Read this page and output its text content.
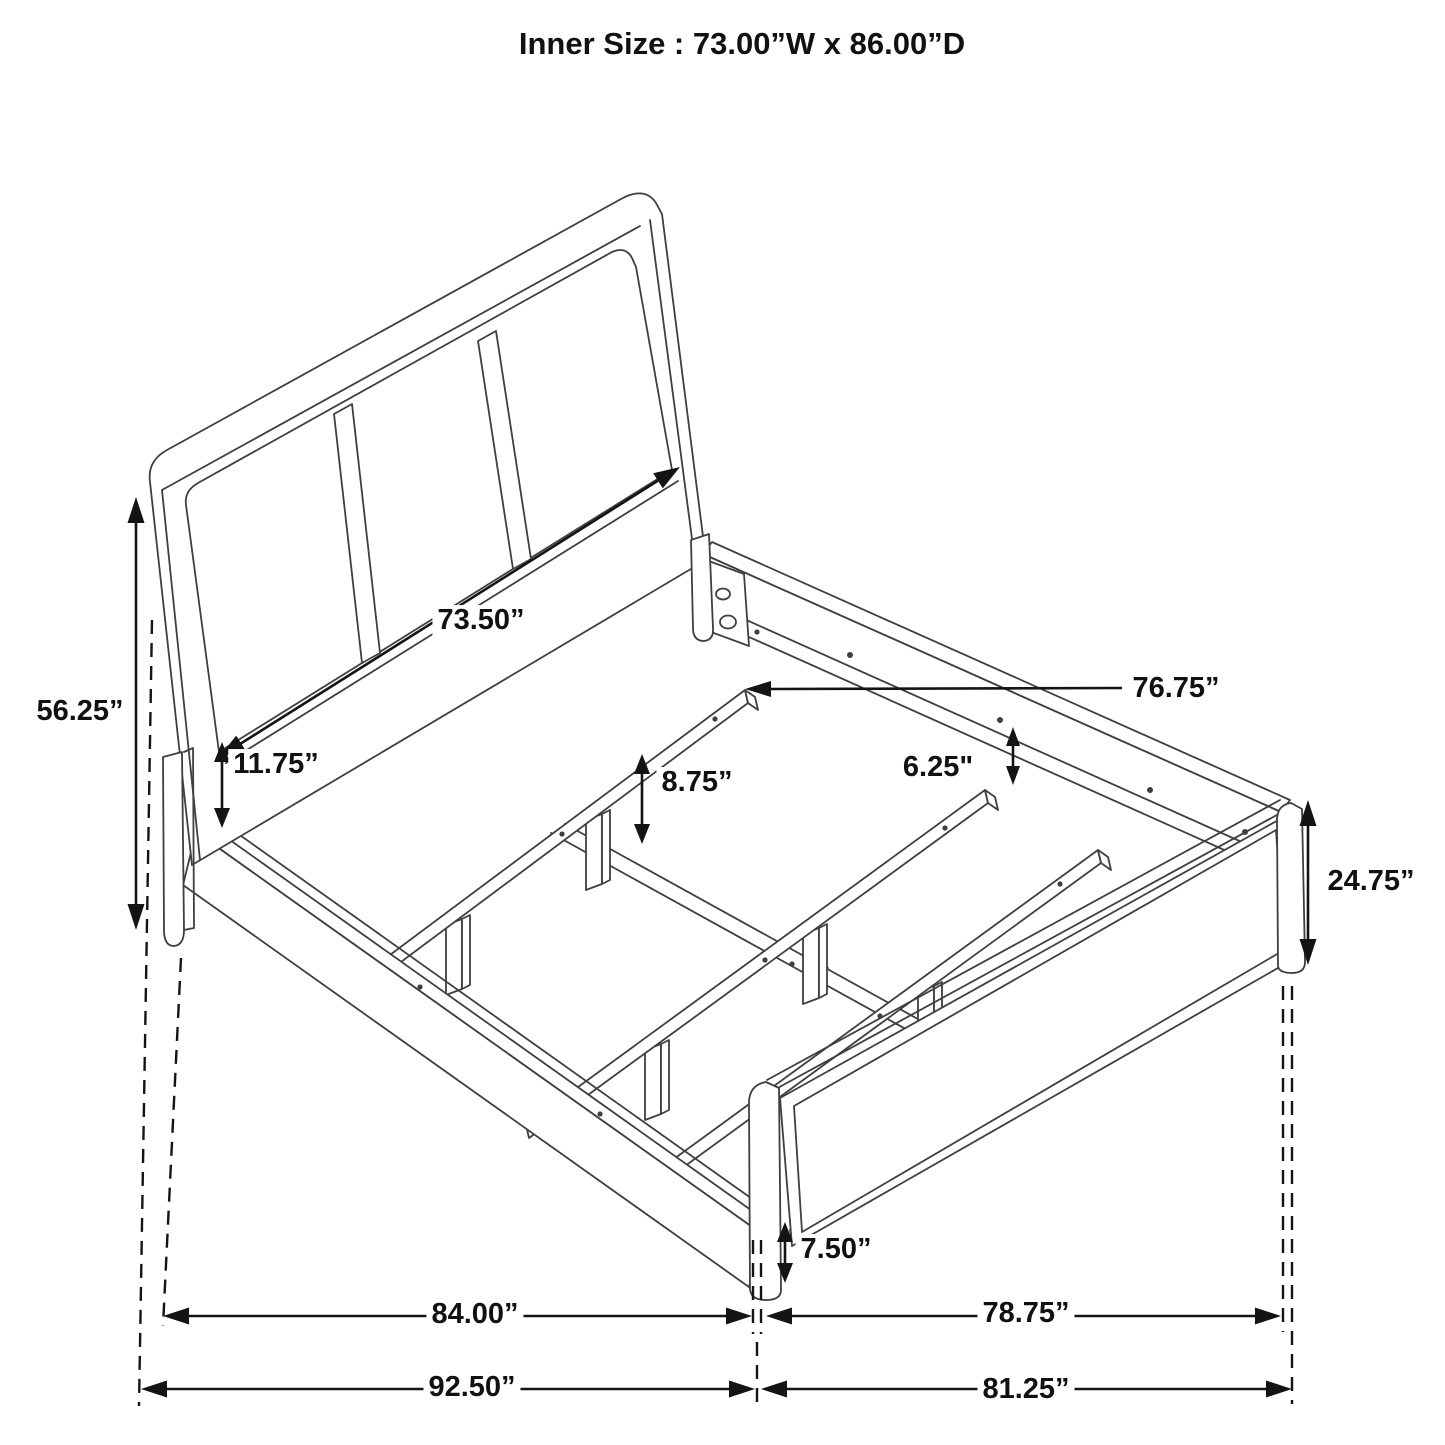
Inner Size : 73.00”W x 86.00”D
73.50”
56.25”
11.75”
8.75”	6.25"
76.75”
24.75”
7.50”
84.00”	78.75”
92.50”	81.25”
